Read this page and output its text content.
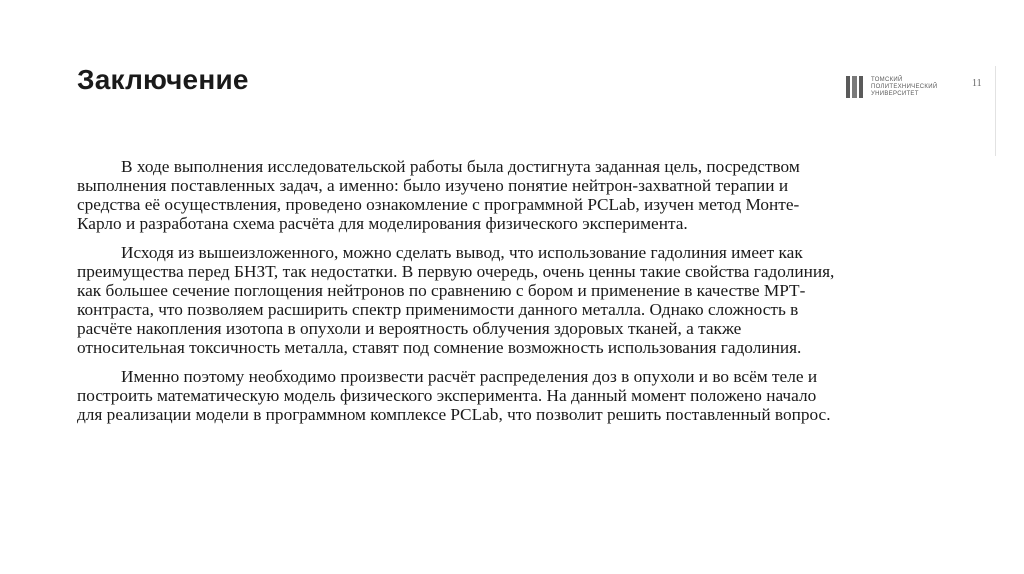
Заключение	ТОМСКИЙ
ПОЛИТЕХНИЧЕСКИЙ
УНИВЕРСИТЕТ
11

В ходе выполнения исследовательской работы была достигнута заданная цель, посредством выполнения поставленных задач, а именно: было изучено понятие нейтрон-захватной терапии и средства её осуществления, проведено ознакомление с программной PCLab, изучен метод Монте-Карло и разработана схема расчёта для моделирования физического эксперимента.

Исходя из вышеизложенного, можно сделать вывод, что использование гадолиния имеет как преимущества перед БНЗТ, так недостатки. В первую очередь, очень ценны такие свойства гадолиния, как большее сечение поглощения нейтронов по сравнению с бором и применение в качестве МРТ-контраста, что позволяем расширить спектр применимости данного металла. Однако сложность в расчёте накопления изотопа в опухоли и вероятность облучения здоровых тканей, а также относительная токсичность металла, ставят под сомнение возможность использования гадолиния.

Именно поэтому необходимо произвести расчёт распределения доз в опухоли и во всём теле и построить математическую модель физического эксперимента. На данный момент положено начало для реализации модели в программном комплексе PCLab, что позволит решить поставленный вопрос.
